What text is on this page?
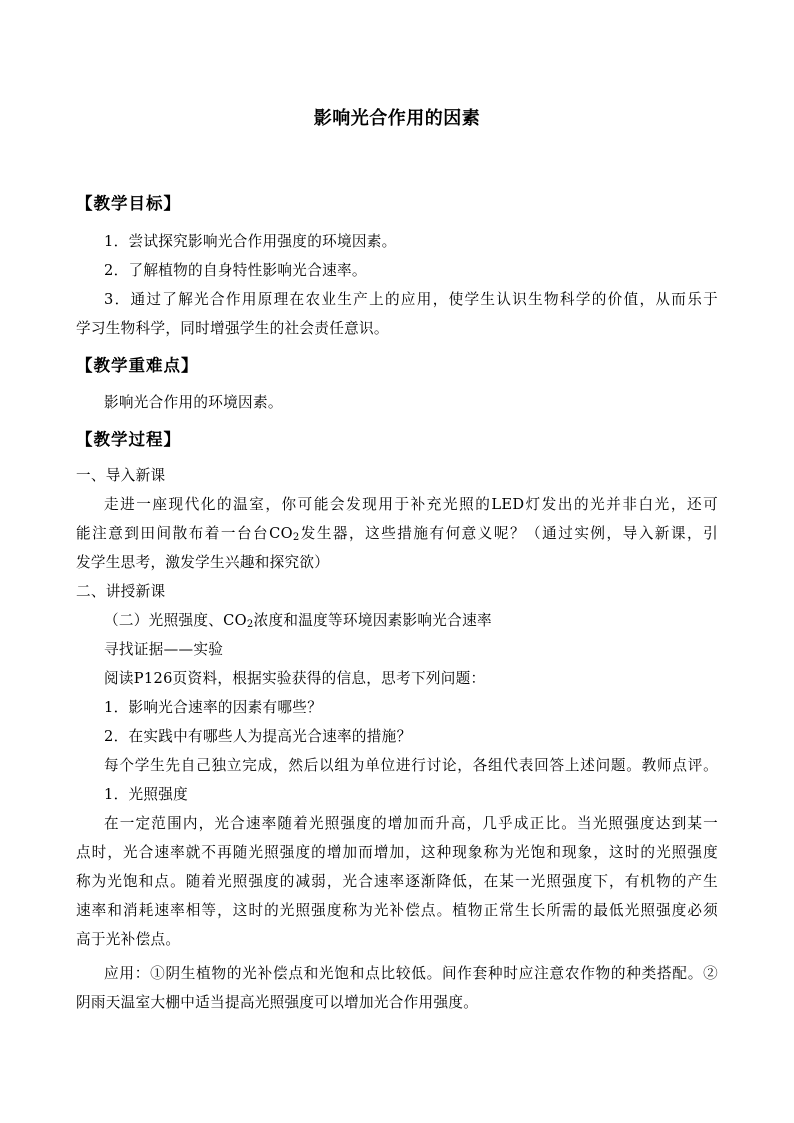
影响光合作用的因素
【教学目标】
1．尝试探究影响光合作用强度的环境因素。
2．了解植物的自身特性影响光合速率。
3．通过了解光合作用原理在农业生产上的应用，使学生认识生物科学的价值，从而乐于
学习生物科学，同时增强学生的社会责任意识。
【教学重难点】
影响光合作用的环境因素。
【教学过程】
一、导入新课
走进一座现代化的温室，你可能会发现用于补充光照的LED灯发出的光并非白光，还可
能注意到田间散布着一台台$CO_2$发生器，这些措施有何意义呢？（通过实例，导入新课，引
发学生思考，激发学生兴趣和探究欲）
二、讲授新课
（二）光照强度、$CO_2$浓度和温度等环境因素影响光合速率
寻找证据——实验
阅读P126页资料，根据实验获得的信息，思考下列问题：
1．影响光合速率的因素有哪些？
2．在实践中有哪些人为提高光合速率的措施？
每个学生先自己独立完成，然后以组为单位进行讨论，各组代表回答上述问题。教师点评。
1．光照强度
在一定范围内，光合速率随着光照强度的增加而升高，几乎成正比。当光照强度达到某一
点时，光合速率就不再随光照强度的增加而增加，这种现象称为光饱和现象，这时的光照强度
称为光饱和点。随着光照强度的减弱，光合速率逐渐降低，在某一光照强度下，有机物的产生
速率和消耗速率相等，这时的光照强度称为光补偿点。植物正常生长所需的最低光照强度必须
高于光补偿点。
应用：①阴生植物的光补偿点和光饱和点比较低。间作套种时应注意农作物的种类搭配。②
阴雨天温室大棚中适当提高光照强度可以增加光合作用强度。
